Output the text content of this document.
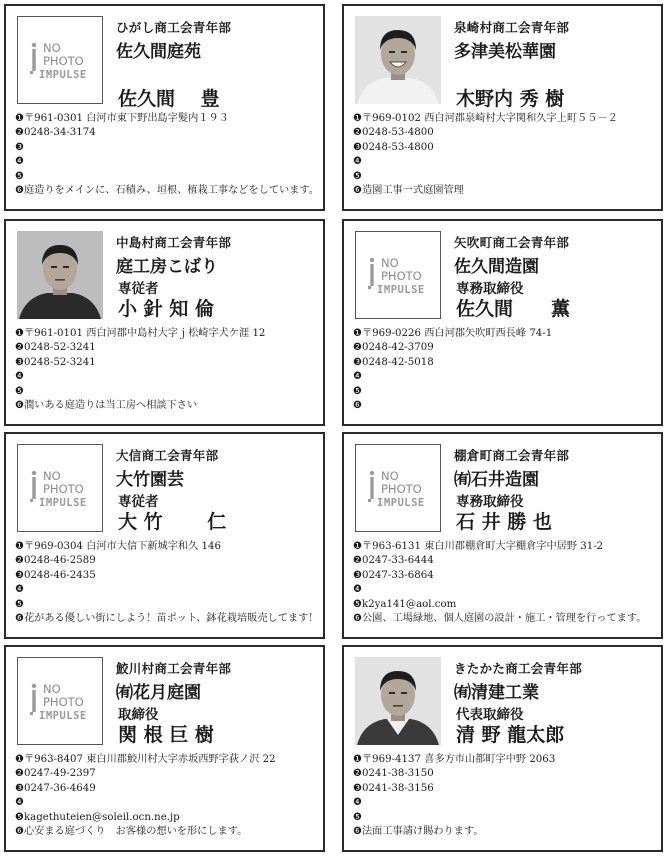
NO
PHOTO
IMPULSE
ひがし商工会青年部
佐久間庭苑
佐久間　 豊
❶〒961-0301 白河市東下野出島字髪内１９３
❷0248-34-3174
❸
❹
❺
❻庭造りをメインに、石積み、垣根、植栽工事などをしています。
泉崎村商工会青年部
多津美松華園
木野内 秀 樹
❶〒969-0102 西白河郡泉崎村大字関和久字上町５５－２
❷0248-53-4800
❸0248-53-4800
❹
❺
❻造園工事一式庭園管理
中島村商工会青年部
庭工房こばり
専従者
小 針 知 倫
❶〒961-0101 西白河郡中島村大字ｊ松崎字犬ケ涯 12
❷0248-52-3241
❸0248-52-3241
❹
❺
❻潤いある庭造りは当工房へ相談下さい
NO
PHOTO
IMPULSE
矢吹町商工会青年部
佐久間造園
専務取締役
佐久間　　薫
❶〒969-0226 西白河郡矢吹町西長峰 74-1
❷0248-42-3709
❸0248-42-5018
❹
❺
❻
NO
PHOTO
IMPULSE
大信商工会青年部
大竹園芸
専従者
大 竹　　 仁
❶〒969-0304 白河市大信下新城字和久 146
❷0248-46-2589
❸0248-46-2435
❹
❺
❻花がある優しい街にしよう！苗ポット、鉢花栽培販売してます！
NO
PHOTO
IMPULSE
棚倉町商工会青年部
㈲石井造園
専務取締役
石 井 勝 也
❶〒963-6131 東白川郡棚倉町大字棚倉字中居野 31-2
❷0247-33-6444
❸0247-33-6864
❹
❺k2ya141@aol.com
❻公園、工場緑地、個人庭園の設計・施工・管理を行ってます。
NO
PHOTO
IMPULSE
鮫川村商工会青年部
㈲花月庭園
取締役
関 根 巨 樹
❶〒963-8407 東白川郡鮫川村大字赤坂西野字荻ノ沢 22
❷0247-49-2397
❸0247-36-4649
❹
❺kagethuteien@soleil.ocn.ne.jp
❻心安まる庭づくり　お客様の想いを形にします。
きたかた商工会青年部
㈲清建工業
代表取締役
清 野 龍太郎
❶〒969-4137 喜多方市山都町字中野 2063
❷0241-38-3150
❸0241-38-3156
❹
❺
❻法面工事請け賜わります。
